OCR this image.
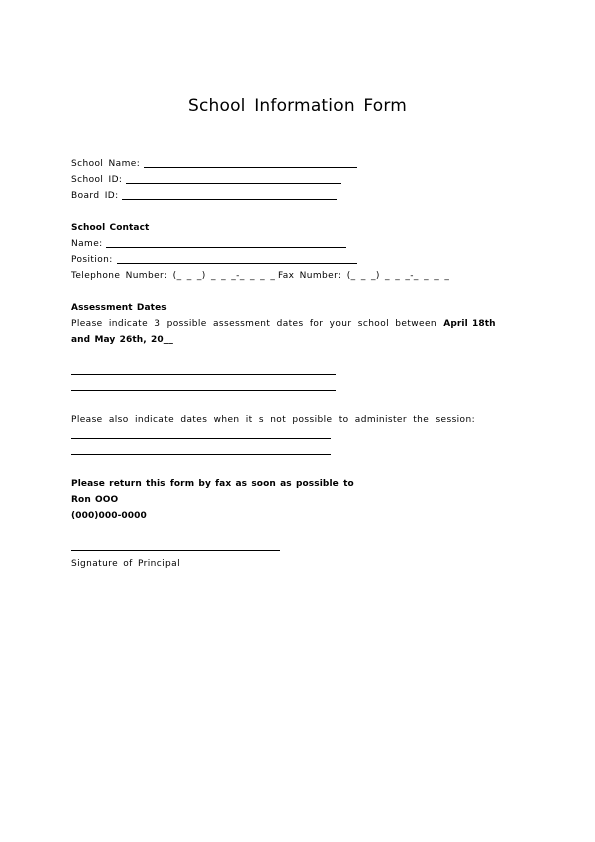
School Information Form
School Name:
School ID:
Board ID:
School Contact
Name:
Position:
Telephone Number: (_ _ _) _ _ _-_ _ _ _ Fax Number: (_ _ _) _ _ _-_ _ _ _
Assessment Dates
Please indicate 3 possible assessment dates for your school between April 18th
and May 26th, 20__
Please also indicate dates when it s not possible to administer the session:
Please return this form by fax as soon as possible to
Ron OOO
(000)000-0000
Signature of Principal
